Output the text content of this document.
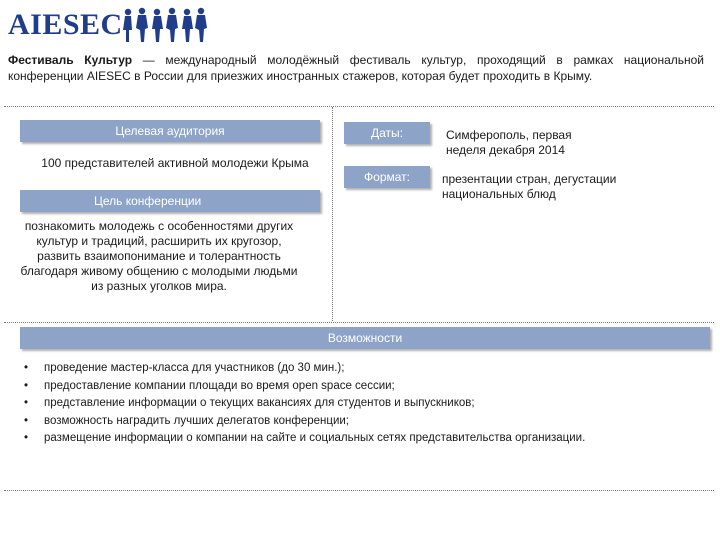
AIESEC
Фестиваль Культур — международный молодёжный фестиваль культур, проходящий в рамках национальной конференции AIESEC в России для приезжих иностранных стажеров, которая будет проходить в Крыму.
Целевая аудитория
100 представителей активной молодежи Крыма
Цель конференции
познакомить молодежь с особенностями других культур и традиций, расширить их кругозор, развить взаимопонимание и толерантность благодаря живому общению с молодыми людьми из разных уголков мира.
Даты:	Симферополь, первая неделя декабря 2014
Формат:	презентации стран, дегустации национальных блюд
Возможности
• проведение мастер-класса для участников (до 30 мин.);
• предоставление компании площади во время open space сессии;
• представление информации о текущих вакансиях для студентов и выпускников;
• возможность наградить лучших делегатов конференции;
• размещение информации о компании на сайте и социальных сетях представительства организации.
